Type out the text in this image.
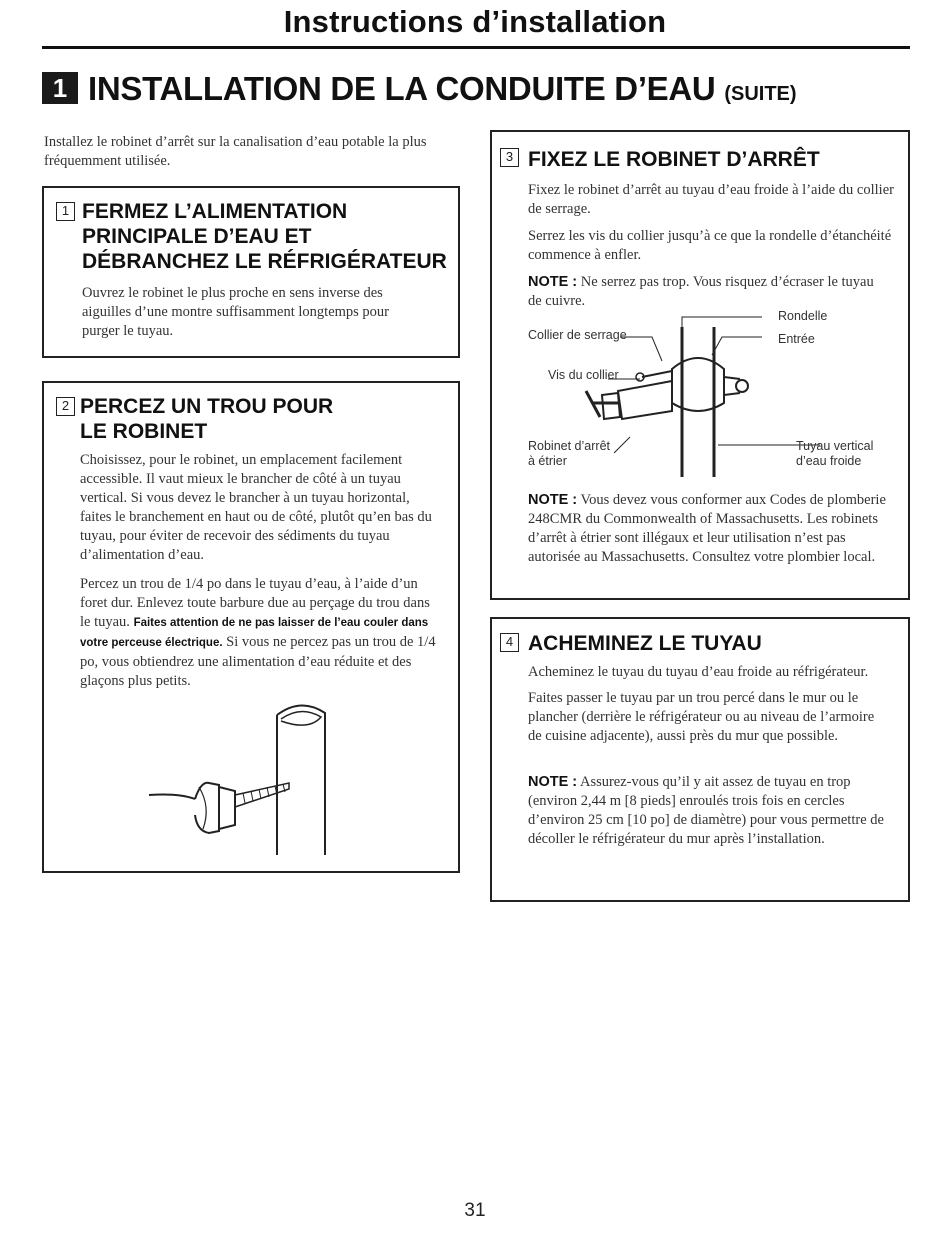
Instructions d’installation
1 INSTALLATION DE LA CONDUITE D’EAU (SUITE)
Installez le robinet d’arrêt sur la canalisation d’eau potable la plus fréquemment utilisée.
1 FERMEZ L’ALIMENTATION
PRINCIPALE D’EAU ET
DÉBRANCHEZ LE RÉFRIGÉRATEUR
Ouvrez le robinet le plus proche en sens inverse des aiguilles d’une montre suffisamment longtemps pour purger le tuyau.
2 PERCEZ UN TROU POUR
LE ROBINET
Choisissez, pour le robinet, un emplacement facilement accessible. Il vaut mieux le brancher de côté à un tuyau vertical. Si vous devez le brancher à un tuyau horizontal, faites le branchement en haut ou de côté, plutôt qu’en bas du tuyau, pour éviter de recevoir des sédiments du tuyau d’alimentation d’eau.
Percez un trou de 1/4 po dans le tuyau d’eau, à l’aide d’un foret dur. Enlevez toute barbure due au perçage du trou dans le tuyau. Faites attention de ne pas laisser de l’eau couler dans votre perceuse électrique. Si vous ne percez pas un trou de 1/4 po, vous obtiendrez une alimentation d’eau réduite et des glaçons plus petits.
3 FIXEZ LE ROBINET D’ARRÊT
Fixez le robinet d’arrêt au tuyau d’eau froide à l’aide du collier de serrage.
Serrez les vis du collier jusqu’à ce que la rondelle d’étanchéité commence à enfler.
NOTE : Ne serrez pas trop. Vous risquez d’écraser le tuyau de cuivre.
Rondelle
Entrée
Collier de serrage
Vis du collier
Robinet d’arrêt
à étrier
Tuyau vertical
d’eau froide
NOTE : Vous devez vous conformer aux Codes de plomberie 248CMR du Commonwealth of Massachusetts. Les robinets d’arrêt à étrier sont illégaux et leur utilisation n’est pas autorisée au Massachusetts. Consultez votre plombier local.
4 ACHEMINEZ LE TUYAU
Acheminez le tuyau du tuyau d’eau froide au réfrigérateur.
Faites passer le tuyau par un trou percé dans le mur ou le plancher (derrière le réfrigérateur ou au niveau de l’armoire de cuisine adjacente), aussi près du mur que possible.
NOTE : Assurez-vous qu’il y ait assez de tuyau en trop (environ 2,44 m [8 pieds] enroulés trois fois en cercles d’environ 25 cm [10 po] de diamètre) pour vous permettre de décoller le réfrigérateur du mur après l’installation.
31
